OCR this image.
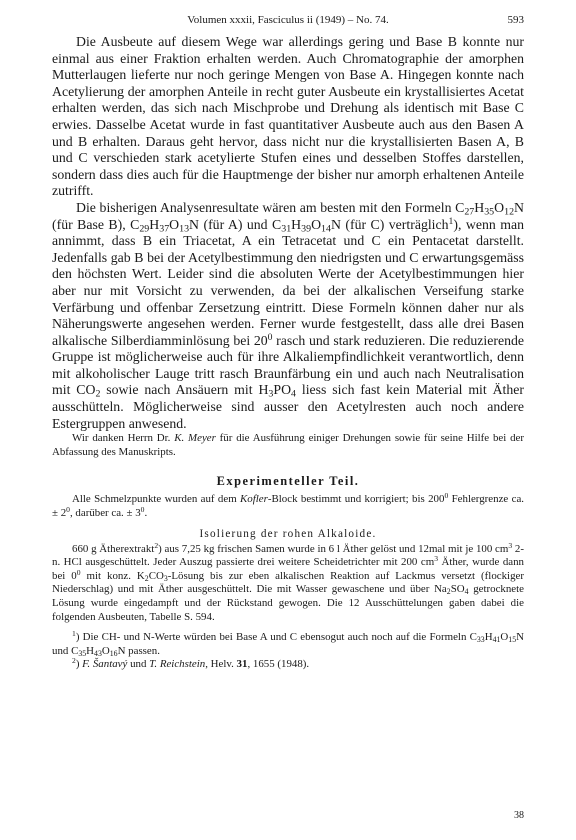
Volumen xxxii, Fasciculus ii (1949) – No. 74.	593

Die Ausbeute auf diesem Wege war allerdings gering und Base B konnte nur einmal aus einer Fraktion erhalten werden. Auch Chromatographie der amorphen Mutterlaugen lieferte nur noch geringe Mengen von Base A. Hingegen konnte nach Acetylierung der amorphen Anteile in recht guter Ausbeute ein krystallisiertes Acetat erhalten werden, das sich nach Mischprobe und Drehung als identisch mit Base C erwies. Dasselbe Acetat wurde in fast quantitativer Ausbeute auch aus den Basen A und B erhalten. Daraus geht hervor, dass nicht nur die krystallisierten Basen A, B und C verschieden stark acetylierte Stufen eines und desselben Stoffes darstellen, sondern dass dies auch für die Hauptmenge der bisher nur amorph erhaltenen Anteile zutrifft.

Die bisherigen Analysenresultate wären am besten mit den Formeln $C_{27}H_{35}O_{12}N$ (für Base B), $C_{29}H_{37}O_{13}N$ (für A) und $C_{31}H_{39}O_{14}N$ (für C) verträglich$^1$), wenn man annimmt, dass B ein Triacetat, A ein Tetracetat und C ein Pentacetat darstellt. Jedenfalls gab B bei der Acetylbestimmung den niedrigsten und C erwartungsgemäss den höchsten Wert. Leider sind die absoluten Werte der Acetylbestimmungen hier aber nur mit Vorsicht zu verwenden, da bei der alkalischen Verseifung starke Verfärbung und offenbar Zersetzung eintritt. Diese Formeln können daher nur als Näherungswerte angesehen werden. Ferner wurde festgestellt, dass alle drei Basen alkalische Silberdiamminlösung bei $20^0$ rasch und stark reduzieren. Die reduzierende Gruppe ist möglicherweise auch für ihre Alkaliempfindlichkeit verantwortlich, denn mit alkoholischer Lauge tritt rasch Braunfärbung ein und auch nach Neutralisation mit $CO_2$ sowie nach Ansäuern mit $H_3PO_4$ liess sich fast kein Material mit Äther ausschütteln. Möglicherweise sind ausser den Acetylresten auch noch andere Estergruppen anwesend.

Wir danken Herrn Dr. K. Meyer für die Ausführung einiger Drehungen sowie für seine Hilfe bei der Abfassung des Manuskripts.

Experimenteller Teil.

Alle Schmelzpunkte wurden auf dem Kofler-Block bestimmt und korrigiert; bis $200^0$ Fehlergrenze ca. ± $2^0$, darüber ca. ± $3^0$.

Isolierung der rohen Alkaloide.

660 g Ätherextrakt$^2$) aus 7,25 kg frischen Samen wurde in 6 l Äther gelöst und 12mal mit je 100 $cm^3$ 2-n. HCl ausgeschüttelt. Jeder Auszug passierte drei weitere Scheidetrichter mit 200 $cm^3$ Äther, wurde dann bei $0^0$ mit konz. $K_2CO_3$-Lösung bis zur eben alkalischen Reaktion auf Lackmus versetzt (flockiger Niederschlag) und mit Äther ausgeschüttelt. Die mit Wasser gewaschene und über $Na_2SO_4$ getrocknete Lösung wurde eingedampft und der Rückstand gewogen. Die 12 Ausschüttelungen gaben dabei die folgenden Ausbeuten, Tabelle S. 594.

$^1$) Die CH- und N-Werte würden bei Base A und C ebensogut auch noch auf die Formeln $C_{33}H_{41}O_{15}N$ und $C_{35}H_{43}O_{16}N$ passen.

$^2$) F. Šantavý und T. Reichstein, Helv. 31, 1655 (1948).

38
